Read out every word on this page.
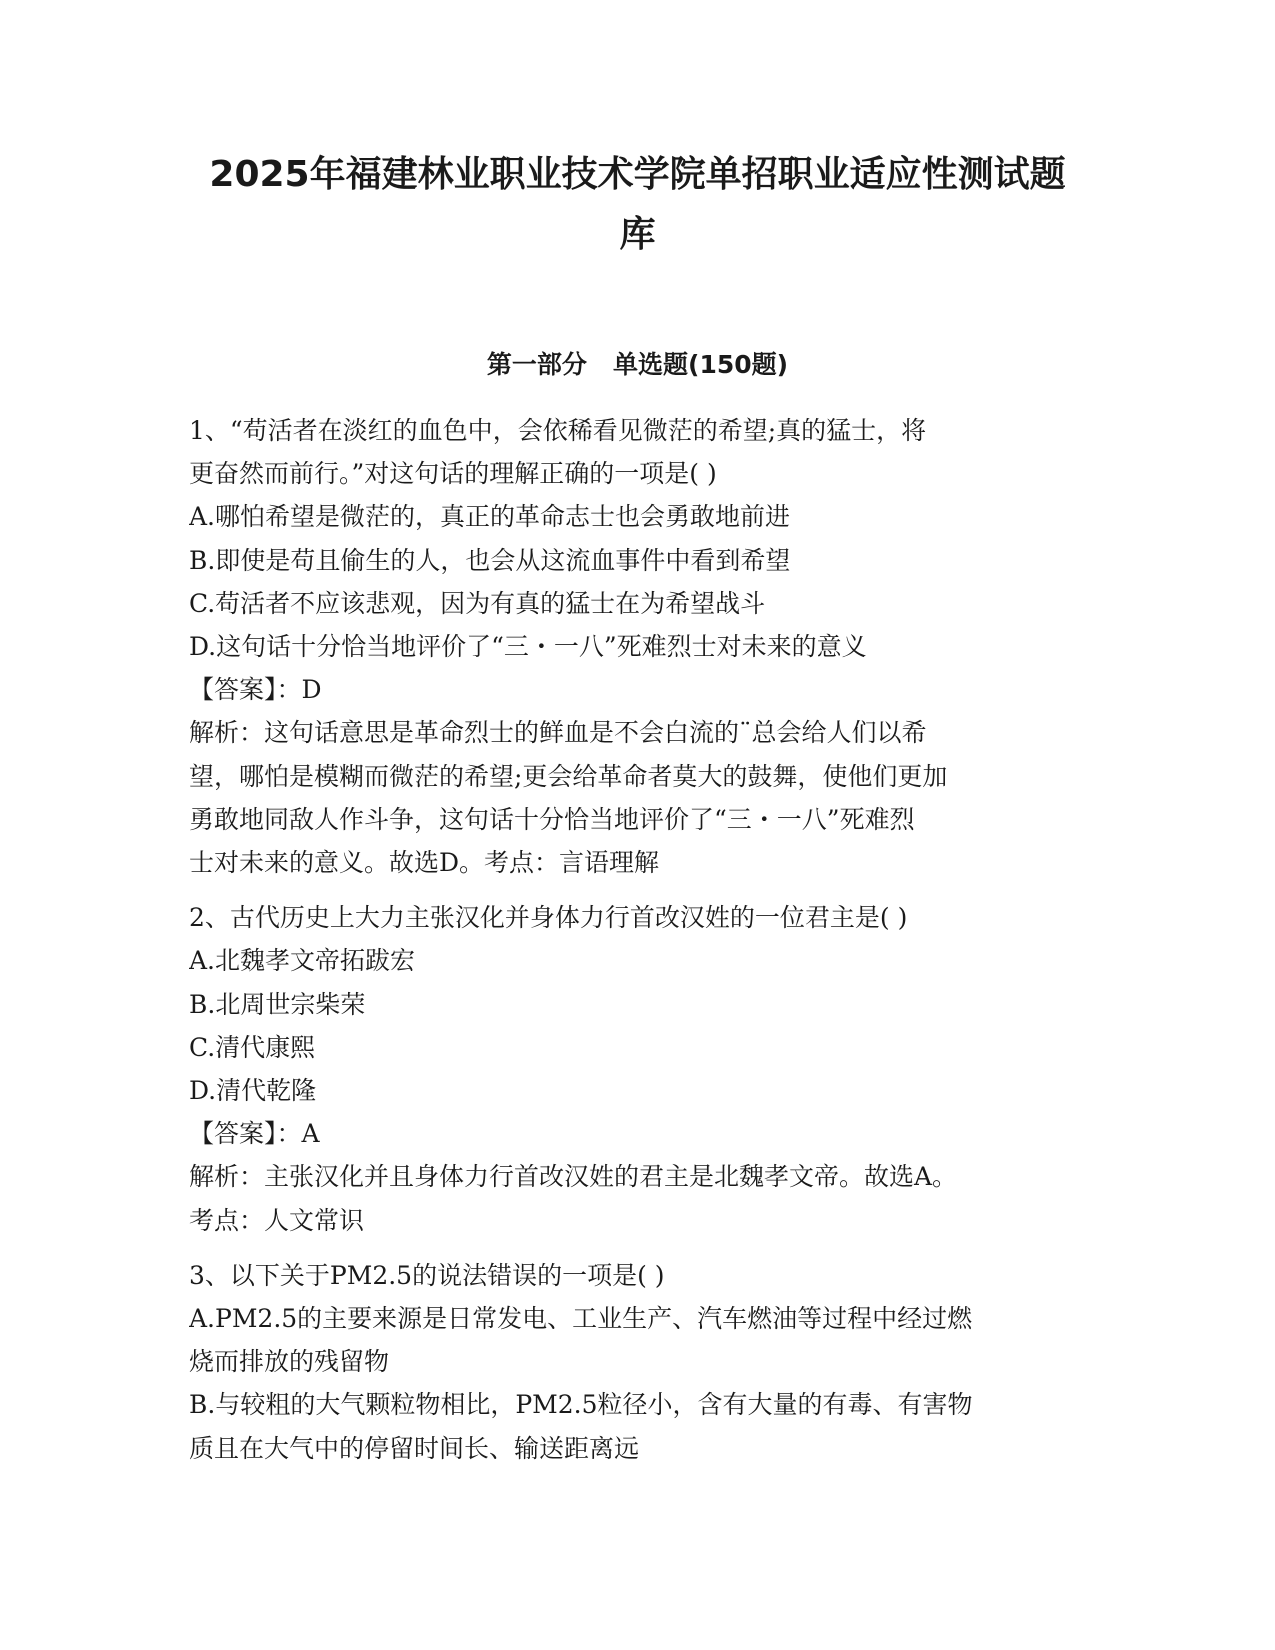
2025年福建林业职业技术学院单招职业适应性测试题
库
第一部分   单选题(150题)

1、“苟活者在淡红的血色中，会依稀看见微茫的希望;真的猛士，将

更奋然而前行。”对这句话的理解正确的一项是( )

A.哪怕希望是微茫的，真正的革命志士也会勇敢地前进

B.即使是苟且偷生的人，也会从这流血事件中看到希望

C.苟活者不应该悲观，因为有真的猛士在为希望战斗

D.这句话十分恰当地评价了“三・一八”死难烈士对未来的意义

【答案】：D

解析：这句话意思是革命烈士的鲜血是不会白流的¨总会给人们以希

望，哪怕是模糊而微茫的希望;更会给革命者莫大的鼓舞，使他们更加

勇敢地同敌人作斗争，这句话十分恰当地评价了“三・一八”死难烈

士对未来的意义。故选D。考点：言语理解

2、古代历史上大力主张汉化并身体力行首改汉姓的一位君主是( )

A.北魏孝文帝拓跋宏

B.北周世宗柴荣

C.清代康熙

D.清代乾隆

【答案】：A

解析：主张汉化并且身体力行首改汉姓的君主是北魏孝文帝。故选A。

考点：人文常识

3、以下关于PM2.5的说法错误的一项是( )

A.PM2.5的主要来源是日常发电、工业生产、汽车燃油等过程中经过燃

烧而排放的残留物

B.与较粗的大气颗粒物相比，PM2.5粒径小，含有大量的有毒、有害物

质且在大气中的停留时间长、输送距离远
